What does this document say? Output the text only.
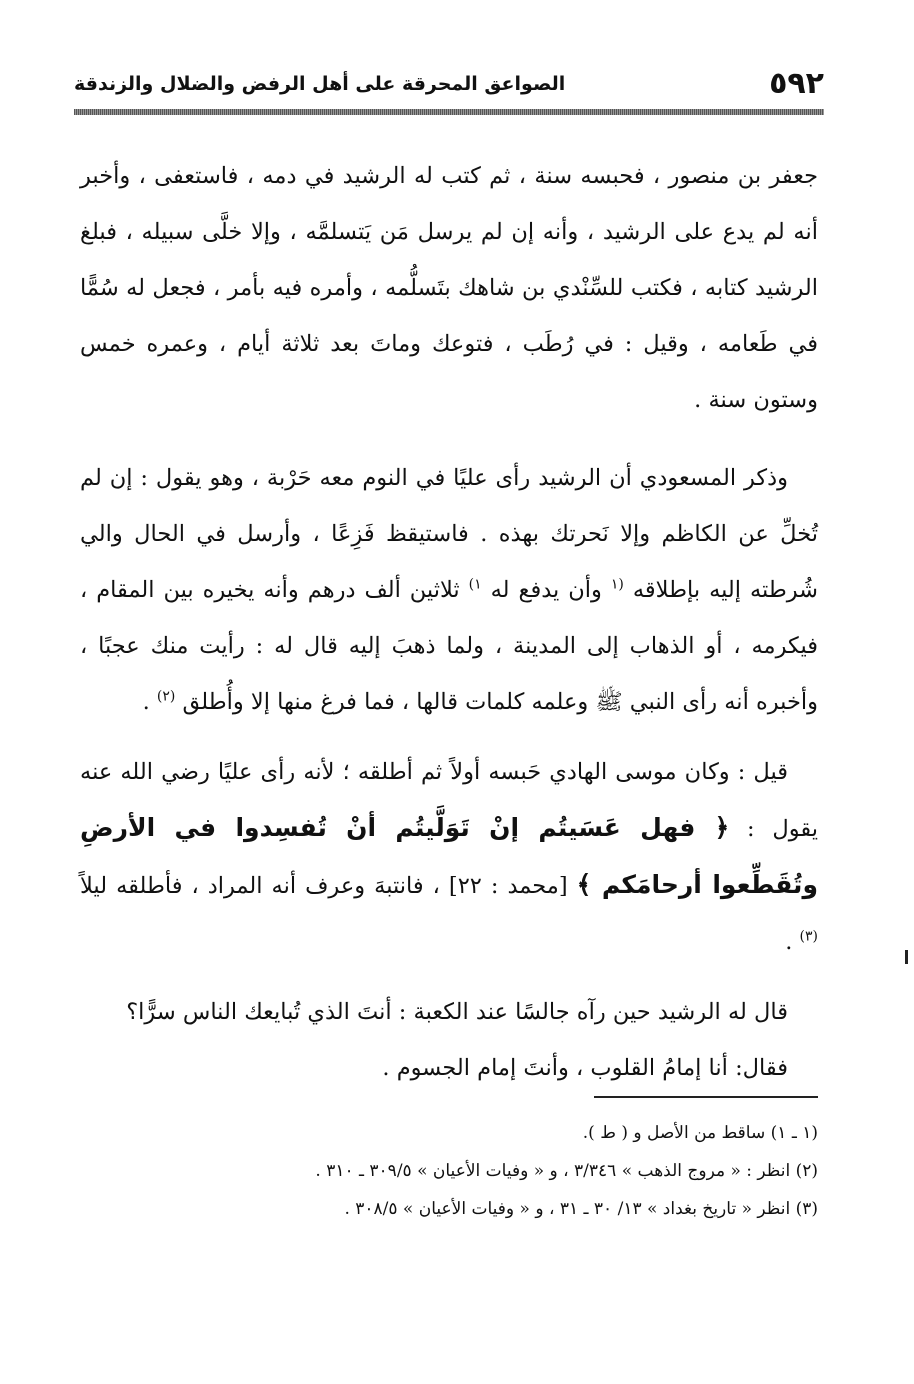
٥٩٢
الصواعق المحرقة على أهل الرفض والضلال والزندقة

جعفر بن منصور ، فحبسه سنة ، ثم كتب له الرشيد في دمه ، فاستعفى ، وأخبر أنه لم يدع على الرشيد ، وأنه إن لم يرسل مَن يَتسلمَّه ، وإلا خلَّى سبيله ، فبلغ الرشيد كتابه ، فكتب للسِّنْدي بن شاهك بتَسلُّمه ، وأمره فيه بأمر ، فجعل له سُمًّا في طَعامه ، وقيل : في رُطَب ، فتوعك وماتَ بعد ثلاثة أيام ، وعمره خمس وستون سنة .

وذكر المسعودي أن الرشيد رأى عليًا في النوم معه حَرْبة ، وهو يقول : إن لم تُخلِّ عن الكاظم وإلا نَحرتك بهذه . فاستيقظ فَزِعًا ، وأرسل في الحال والي شُرطته إليه بإطلاقه $^{(١}$ وأن يدفع له $^{١)}$ ثلاثين ألف درهم وأنه يخيره بين المقام ، فيكرمه ، أو الذهاب إلى المدينة ، ولما ذهبَ إليه قال له : رأيت منك عجبًا ، وأخبره أنه رأى النبي ﷺ وعلمه كلمات قالها ، فما فرغ منها إلا وأُطلق $^{(٢)}$ .

قيل : وكان موسى الهادي حَبسه أولاً ثم أطلقه ؛ لأنه رأى عليًا رضي الله عنه يقول : ﴿ فهل عَسَيتُم إنْ تَوَلَّيتُم أنْ تُفسِدوا في الأرضِ وتُقَطِّعوا أرحامَكم ﴾ [محمد : ٢٢] ، فانتبهَ وعرف أنه المراد ، فأطلقه ليلاً $^{(٣)}$ .

قال له الرشيد حين رآه جالسًا عند الكعبة : أنتَ الذي تُبايعك الناس سرًّا؟
فقال: أنا إمامُ القلوب ، وأنتَ إمام الجسوم .

(١ ـ ١) ساقط من الأصل و ( ط ).

(٢) انظر : « مروج الذهب » ٣/٣٤٦ ، و « وفيات الأعيان » ٣٠٩/٥ ـ ٣١٠ .

(٣) انظر « تاريخ بغداد » ١٣/ ٣٠ ـ ٣١ ، و « وفيات الأعيان » ٣٠٨/٥ .
